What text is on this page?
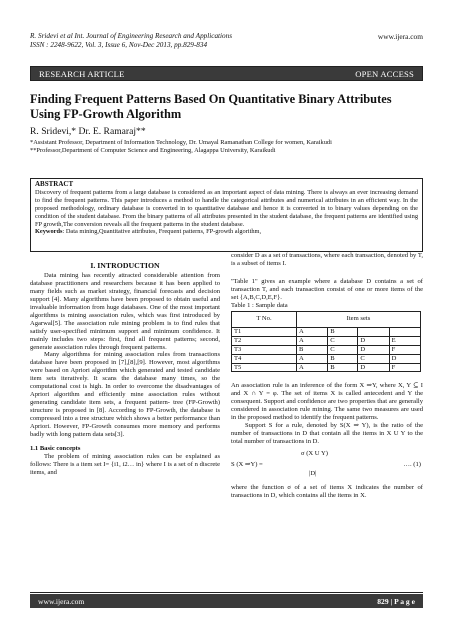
R. Sridevi et al Int. Journal of Engineering Research and Applications
ISSN : 2248-9622, Vol. 3, Issue 6, Nov-Dec 2013, pp.829-834
www.ijera.com
RESEARCH ARTICLE	OPEN ACCESS
Finding Frequent Patterns Based On Quantitative Binary Attributes Using FP-Growth Algorithm
R. Sridevi,* Dr. E. Ramaraj**
*Assistant Professor, Department of Information Technology, Dr. Umayal Ramanathan College for women, Karaikudi
**Professor,Department of Computer Science and Engineering, Alagappa University, Karaikudi
ABSTRACT
Discovery of frequent patterns from a large database is considered as an important aspect of data mining. There is always an ever increasing demand to find the frequent patterns. This paper introduces a method to handle the categorical attributes and numerical attributes in an efficient way. In the proposed methodology, ordinary database is converted in to quantitative database and hence it is converted in to binary values depending on the condition of the student database. From the binary patterns of all attributes presented in the student database, the frequent patterns are identified using FP growth,The conversion reveals all the frequent patterns in the student database.
Keywords: Data mining,Quantitative attributes, Frequent patterns, FP-growth algorithm,
I. INTRODUCTION

Data mining has recently attracted considerable attention from database practitioners and researchers because it has been applied to many fields such as market strategy, financial forecasts and decision support [4]. Many algorithms have been proposed to obtain useful and invaluable information from huge databases. One of the most important algorithms is mining association rules, which was first introduced by Agarwal[5]. The association rule mining problem is to find rules that satisfy user-specified minimum support and minimum confidence. It mainly includes two steps: first, find all frequent patterns; second, generate association rules through frequent patterns.

Many algorithms for mining association rules from transactions database have been proposed in [7],[8],[9]. However, most algorithms were based on Apriori algorithm which generated and tested candidate item sets iteratively. It scans the database many times, so the computational cost is high. In order to overcome the disadvantages of Apriori algorithm and efficiently mine association rules without generating candidate item sets, a frequent pattern- tree (FP-Growth) structure is proposed in [8]. According to FP-Growth, the database is compressed into a tree structure which shows a better performance than Apriori. However, FP-Growth consumes more memory and performs badly with long pattern data sets[3].

1.1 Basic concepts

The problem of mining association rules can be explained as follows: There is a item set I= {i1, i2… in} where I is a set of n discrete items, and

consider D as a set of transactions, where each transaction, denoted by T, is a subset of items I.

"Table 1" gives an example where a database D contains a set of transaction T, and each transaction consist of one or more items of the set {A,B,C,D,E,F}.

Table 1 : Sample data
T No.	Item sets			
T1	A	B		
T2	A	C	D	E
T3	B	C	D	F
T4	A	B	C	D
T5	A	B	D	F

An association rule is an inference of the form X ⇒Y, where X, Y ⊆ I and X ∩ Y = φ. The set of items X is called antecedent and Y the consequent. Support and confidence are two properties that are generally considered in association rule mining. The same two measures are used in the proposed method to identify the frequent patterns.

Support S for a rule, denoted by S(X ⇒ Y), is the ratio of the number of transactions in D that contain all the items in X U Y to the total number of transactions in D.

S (X ⇒Y) =
σ (X U Y)
|D|
…. (1)

where the function σ of a set of items X indicates the number of transactions in D, which contains all the items in X.

www.ijera.com	829 | P a g e
